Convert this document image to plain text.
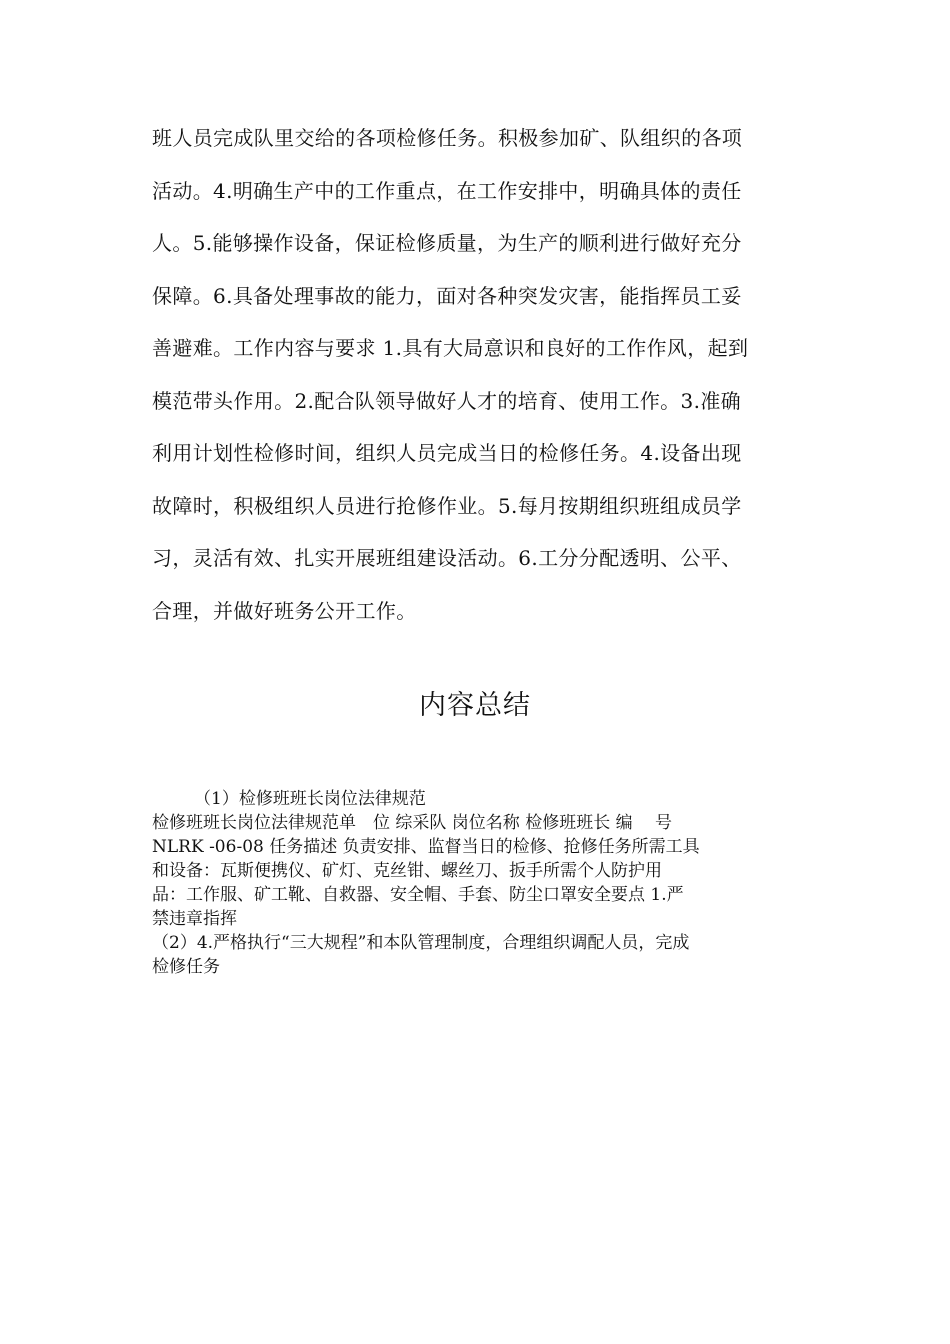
班人员完成队里交给的各项检修任务。积极参加矿、队组织的各项
活动。4.明确生产中的工作重点，在工作安排中，明确具体的责任
人。5.能够操作设备，保证检修质量，为生产的顺利进行做好充分
保障。6.具备处理事故的能力，面对各种突发灾害，能指挥员工妥
善避难。工作内容与要求 1.具有大局意识和良好的工作作风，起到
模范带头作用。2.配合队领导做好人才的培育、使用工作。3.准确
利用计划性检修时间，组织人员完成当日的检修任务。4.设备出现
故障时，积极组织人员进行抢修作业。5.每月按期组织班组成员学
习，灵活有效、扎实开展班组建设活动。6.工分分配透明、公平、
合理，并做好班务公开工作。
内容总结
（1）检修班班长岗位法律规范
检修班班长岗位法律规范单　位 综采队 岗位名称 检修班班长 编　 号
NLRK -06-08 任务描述 负责安排、监督当日的检修、抢修任务所需工具
和设备：瓦斯便携仪、矿灯、克丝钳、螺丝刀、扳手所需个人防护用
品：工作服、矿工靴、自救器、安全帽、手套、防尘口罩安全要点 1.严
禁违章指挥
（2）4.严格执行“三大规程”和本队管理制度，合理组织调配人员，完成
检修任务
